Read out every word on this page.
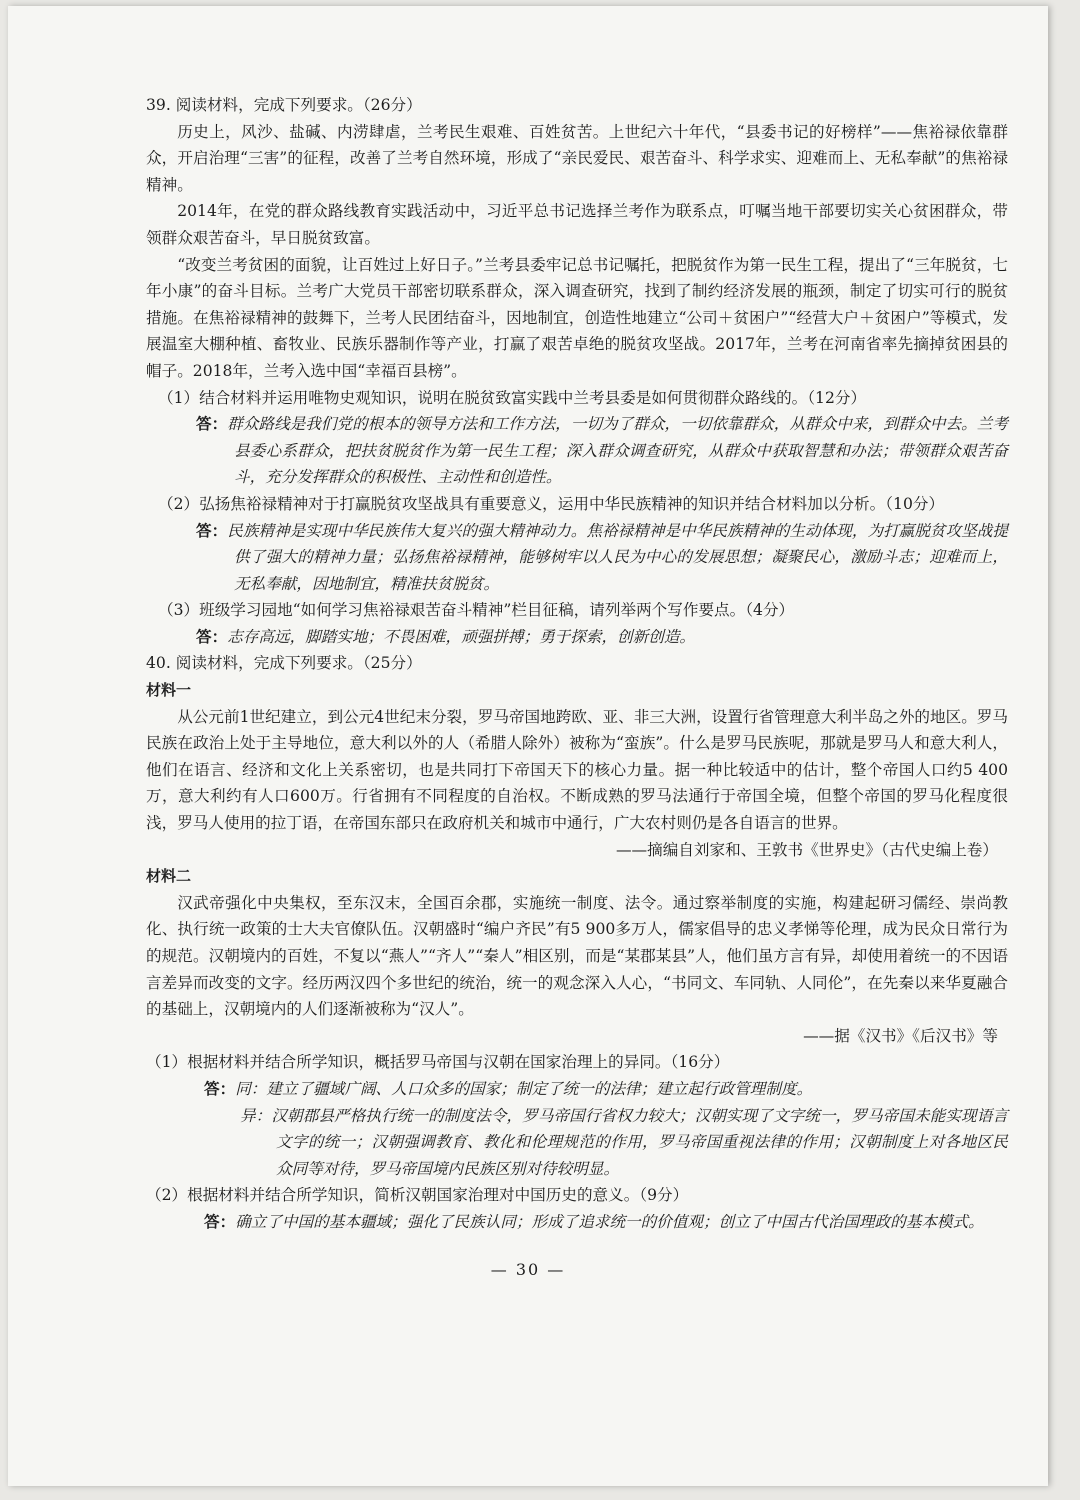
39. 阅读材料，完成下列要求。（26分）

历史上，风沙、盐碱、内涝肆虐，兰考民生艰难、百姓贫苦。上世纪六十年代，“县委书记的好榜样”——焦裕禄依靠群众，开启治理“三害”的征程，改善了兰考自然环境，形成了“亲民爱民、艰苦奋斗、科学求实、迎难而上、无私奉献”的焦裕禄精神。

2014年，在党的群众路线教育实践活动中，习近平总书记选择兰考作为联系点，叮嘱当地干部要切实关心贫困群众，带领群众艰苦奋斗，早日脱贫致富。

“改变兰考贫困的面貌，让百姓过上好日子。”兰考县委牢记总书记嘱托，把脱贫作为第一民生工程，提出了“三年脱贫，七年小康”的奋斗目标。兰考广大党员干部密切联系群众，深入调查研究，找到了制约经济发展的瓶颈，制定了切实可行的脱贫措施。在焦裕禄精神的鼓舞下，兰考人民团结奋斗，因地制宜，创造性地建立“公司＋贫困户”“经营大户＋贫困户”等模式，发展温室大棚种植、畜牧业、民族乐器制作等产业，打赢了艰苦卓绝的脱贫攻坚战。2017年，兰考在河南省率先摘掉贫困县的帽子。2018年，兰考入选中国“幸福百县榜”。

（1）结合材料并运用唯物史观知识，说明在脱贫致富实践中兰考县委是如何贯彻群众路线的。（12分）

答：群众路线是我们党的根本的领导方法和工作方法，一切为了群众，一切依靠群众，从群众中来，到群众中去。兰考县委心系群众，把扶贫脱贫作为第一民生工程；深入群众调查研究，从群众中获取智慧和办法；带领群众艰苦奋斗，充分发挥群众的积极性、主动性和创造性。

（2）弘扬焦裕禄精神对于打赢脱贫攻坚战具有重要意义，运用中华民族精神的知识并结合材料加以分析。（10分）

答：民族精神是实现中华民族伟大复兴的强大精神动力。焦裕禄精神是中华民族精神的生动体现，为打赢脱贫攻坚战提供了强大的精神力量；弘扬焦裕禄精神，能够树牢以人民为中心的发展思想；凝聚民心，激励斗志；迎难而上，无私奉献，因地制宜，精准扶贫脱贫。

（3）班级学习园地“如何学习焦裕禄艰苦奋斗精神”栏目征稿，请列举两个写作要点。（4分）

答：志存高远，脚踏实地；不畏困难，顽强拼搏；勇于探索，创新创造。

40. 阅读材料，完成下列要求。（25分）

材料一

从公元前1世纪建立，到公元4世纪末分裂，罗马帝国地跨欧、亚、非三大洲，设置行省管理意大利半岛之外的地区。罗马民族在政治上处于主导地位，意大利以外的人（希腊人除外）被称为“蛮族”。什么是罗马民族呢，那就是罗马人和意大利人，他们在语言、经济和文化上关系密切，也是共同打下帝国天下的核心力量。据一种比较适中的估计，整个帝国人口约5 400万，意大利约有人口600万。行省拥有不同程度的自治权。不断成熟的罗马法通行于帝国全境，但整个帝国的罗马化程度很浅，罗马人使用的拉丁语，在帝国东部只在政府机关和城市中通行，广大农村则仍是各自语言的世界。

——摘编自刘家和、王敦书《世界史》（古代史编上卷）

材料二

汉武帝强化中央集权，至东汉末，全国百余郡，实施统一制度、法令。通过察举制度的实施，构建起研习儒经、崇尚教化、执行统一政策的士大夫官僚队伍。汉朝盛时“编户齐民”有5 900多万人，儒家倡导的忠义孝悌等伦理，成为民众日常行为的规范。汉朝境内的百姓，不复以“燕人”“齐人”“秦人”相区别，而是“某郡某县”人，他们虽方言有异，却使用着统一的不因语言差异而改变的文字。经历两汉四个多世纪的统治，统一的观念深入人心，“书同文、车同轨、人同伦”，在先秦以来华夏融合的基础上，汉朝境内的人们逐渐被称为“汉人”。

——据《汉书》《后汉书》等

（1）根据材料并结合所学知识，概括罗马帝国与汉朝在国家治理上的异同。（16分）

答：同：建立了疆域广阔、人口众多的国家；制定了统一的法律；建立起行政管理制度。

异：汉朝郡县严格执行统一的制度法令，罗马帝国行省权力较大；汉朝实现了文字统一，罗马帝国未能实现语言文字的统一；汉朝强调教育、教化和伦理规范的作用，罗马帝国重视法律的作用；汉朝制度上对各地区民众同等对待，罗马帝国境内民族区别对待较明显。

（2）根据材料并结合所学知识，简析汉朝国家治理对中国历史的意义。（9分）

答：确立了中国的基本疆域；强化了民族认同；形成了追求统一的价值观；创立了中国古代治国理政的基本模式。

— 30 —
